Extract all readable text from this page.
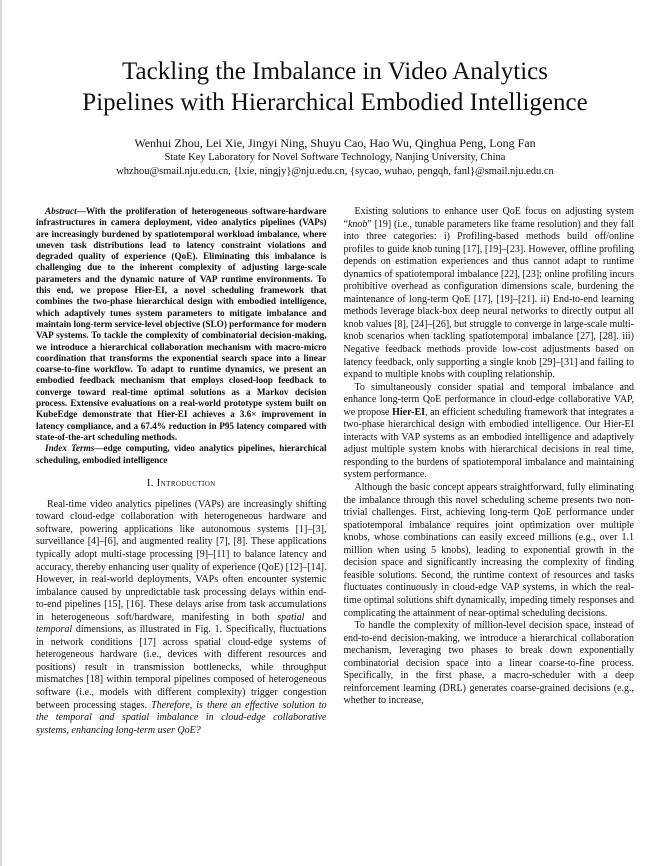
Tackling the Imbalance in Video Analytics
Pipelines with Hierarchical Embodied Intelligence
Wenhui Zhou, Lei Xie, Jingyi Ning, Shuyu Cao, Hao Wu, Qinghua Peng, Long Fan
State Key Laboratory for Novel Software Technology, Nanjing University, China
whzhou@smail.nju.edu.cn, {lxie, ningjy}@nju.edu.cn, {sycao, wuhao, pengqh, fanl}@smail.nju.edu.cn

Abstract—With the proliferation of heterogeneous software-hardware infrastructures in camera deployment, video analytics pipelines (VAPs) are increasingly burdened by spatiotemporal workload imbalance, where uneven task distributions lead to latency constraint violations and degraded quality of experience (QoE). Eliminating this imbalance is challenging due to the inherent complexity of adjusting large-scale parameters and the dynamic nature of VAP runtime environments. To this end, we propose Hier-EI, a novel scheduling framework that combines the two-phase hierarchical design with embodied intelligence, which adaptively tunes system parameters to mitigate imbalance and maintain long-term service-level objective (SLO) performance for modern VAP systems. To tackle the complexity of combinatorial decision-making, we introduce a hierarchical collaboration mechanism with macro-micro coordination that transforms the exponential search space into a linear coarse-to-fine workflow. To adapt to runtime dynamics, we present an embodied feedback mechanism that employs closed-loop feedback to converge toward real-time optimal solutions as a Markov decision process. Extensive evaluations on a real-world prototype system built on KubeEdge demonstrate that Hier-EI achieves a 3.6× improvement in latency compliance, and a 67.4% reduction in P95 latency compared with state-of-the-art scheduling methods.

Index Terms—edge computing, video analytics pipelines, hierarchical scheduling, embodied intelligence

I. Introduction

Real-time video analytics pipelines (VAPs) are increasingly shifting toward cloud-edge collaboration with heterogeneous hardware and software, powering applications like autonomous systems [1]–[3], surveillance [4]–[6], and augmented reality [7], [8]. These applications typically adopt multi-stage processing [9]–[11] to balance latency and accuracy, thereby enhancing user quality of experience (QoE) [12]–[14]. However, in real-world deployments, VAPs often encounter systemic imbalance caused by unpredictable task processing delays within end-to-end pipelines [15], [16]. These delays arise from task accumulations in heterogeneous soft/hardware, manifesting in both spatial and temporal dimensions, as illustrated in Fig. 1. Specifically, fluctuations in network conditions [17] across spatial cloud-edge systems of heterogeneous hardware (i.e., devices with different resources and positions) result in transmission bottlenecks, while throughput mismatches [18] within temporal pipelines composed of heterogeneous software (i.e., models with different complexity) trigger congestion between processing stages. Therefore, is there an effective solution to the temporal and spatial imbalance in cloud-edge collaborative systems, enhancing long-term user QoE?

Existing solutions to enhance user QoE focus on adjusting system “knob” [19] (i.e., tunable parameters like frame resolution) and they fall into three categories: i) Profiling-based methods build off/online profiles to guide knob tuning [17], [19]–[23]. However, offline profiling depends on estimation experiences and thus cannot adapt to runtime dynamics of spatiotemporal imbalance [22], [23]; online profiling incurs prohibitive overhead as configuration dimensions scale, burdening the maintenance of long-term QoE [17], [19]–[21]. ii) End-to-end learning methods leverage black-box deep neural networks to directly output all knob values [8], [24]–[26], but struggle to converge in large-scale multi-knob scenarios when tackling spatiotemporal imbalance [27], [28]. iii) Negative feedback methods provide low-cost adjustments based on latency feedback, only supporting a single knob [29]–[31] and failing to expand to multiple knobs with coupling relationship.

To simultaneously consider spatial and temporal imbalance and enhance long-term QoE performance in cloud-edge collaborative VAP, we propose Hier-EI, an efficient scheduling framework that integrates a two-phase hierarchical design with embodied intelligence. Our Hier-EI interacts with VAP systems as an embodied intelligence and adaptively adjust multiple system knobs with hierarchical decisions in real time, responding to the burdens of spatiotemporal imbalance and maintaining system performance.

Although the basic concept appears straightforward, fully eliminating the imbalance through this novel scheduling scheme presents two non-trivial challenges. First, achieving long-term QoE performance under spatiotemporal imbalance requires joint optimization over multiple knobs, whose combinations can easily exceed millions (e.g., over 1.1 million when using 5 knobs), leading to exponential growth in the decision space and significantly increasing the complexity of finding feasible solutions. Second, the runtime context of resources and tasks fluctuates continuously in cloud-edge VAP systems, in which the real-time optimal solutions shift dynamically, impeding timely responses and complicating the attainment of near-optimal scheduling decisions.

To handle the complexity of million-level decision space, instead of end-to-end decision-making, we introduce a hierarchical collaboration mechanism, leveraging two phases to break down exponentially combinatorial decision space into a linear coarse-to-fine process. Specifically, in the first phase, a macro-scheduler with a deep reinforcement learning (DRL) generates coarse-grained decisions (e.g., whether to increase,
